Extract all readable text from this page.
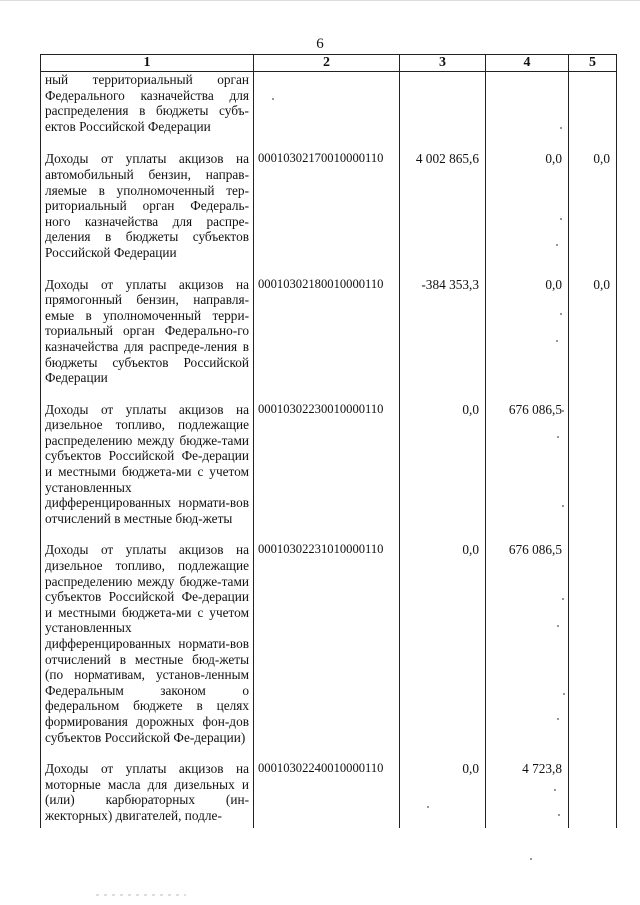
6
1	2	3	4	5
ный территориальный орган Федерального казначейства для распределения в бюджеты субъ-ектов Российской Федерации				
Доходы от уплаты акцизов на автомобильный бензин, направ-ляемые в уполномоченный тер-риториальный орган Федераль-ного казначейства для распре-деления в бюджеты субъектов Российской Федерации	00010302170010000110	4 002 865,6	0,0	0,0
Доходы от уплаты акцизов на прямогонный бензин, направля-емые в уполномоченный терри-ториальный орган Федерально-го казначейства для распреде-ления в бюджеты субъектов Российской Федерации	00010302180010000110	-384 353,3	0,0	0,0
Доходы от уплаты акцизов на дизельное топливо, подлежащие распределению между бюдже-тами субъектов Российской Фе-дерации и местными бюджета-ми с учетом установленных дифференцированных нормати-вов отчислений в местные бюд-жеты	00010302230010000110	0,0	676 086,5	
Доходы от уплаты акцизов на дизельное топливо, подлежащие распределению между бюдже-тами субъектов Российской Фе-дерации и местными бюджета-ми с учетом установленных дифференцированных нормати-вов отчислений в местные бюд-жеты (по нормативам, установ-ленным Федеральным законом о федеральном бюджете в целях формирования дорожных фон-дов субъектов Российской Фе-дерации)	00010302231010000110	0,0	676 086,5	
Доходы от уплаты акцизов на моторные масла для дизельных и (или) карбюраторных (ин-жекторных) двигателей, подле-	00010302240010000110	0,0	4 723,8	
